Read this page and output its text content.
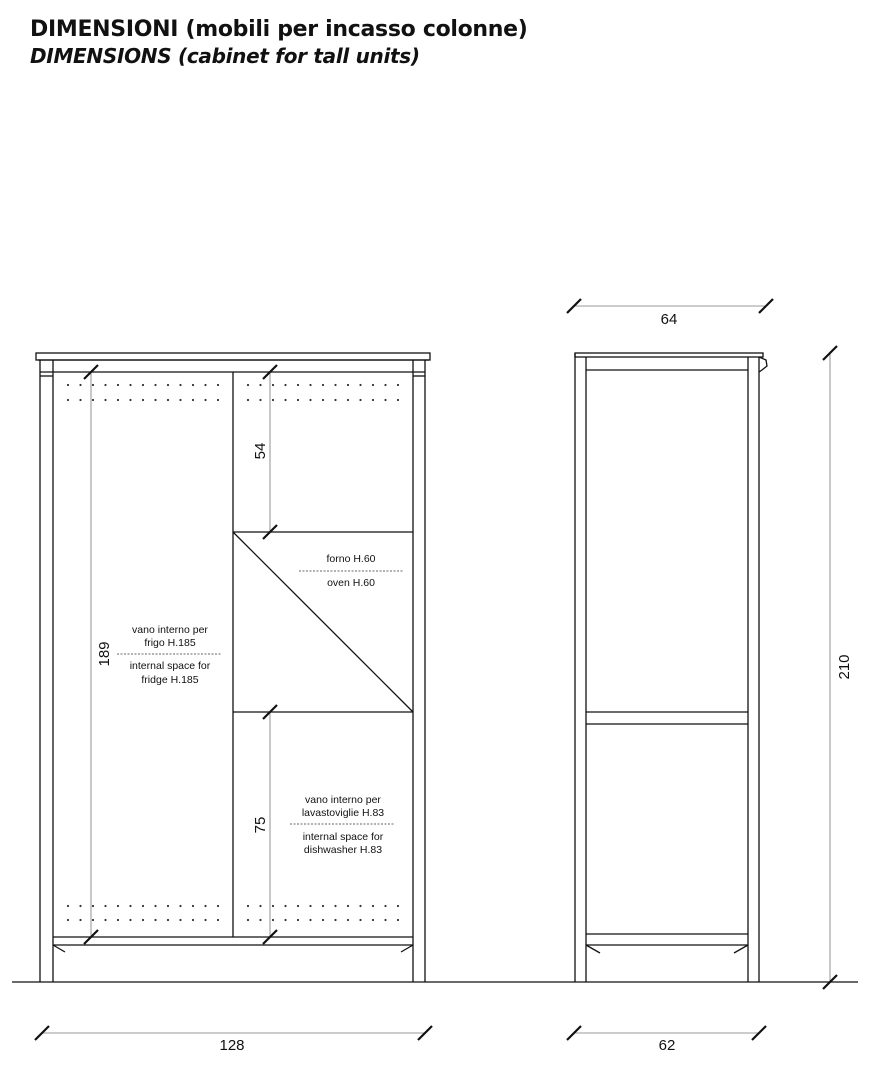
DIMENSIONI (mobili per incasso colonne)
DIMENSIONS (cabinet for tall units)
128
189
54
75
64
62
210
vano interno per
frigo H.185
internal space for
fridge H.185
forno H.60
oven H.60
vano interno per
lavastoviglie H.83
internal space for
dishwasher H.83
